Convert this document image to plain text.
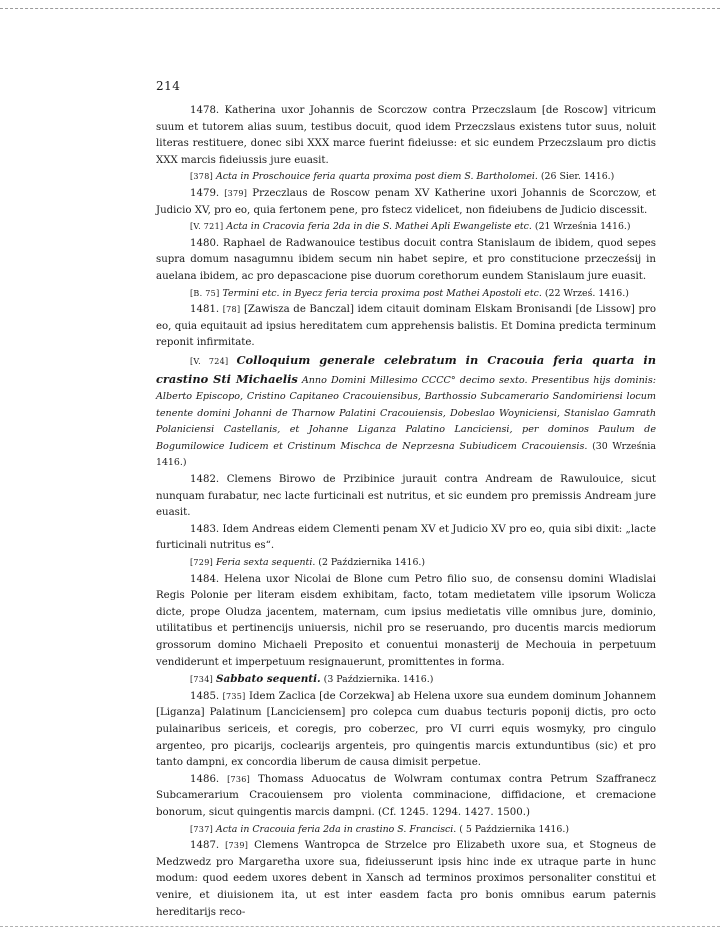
214

1478. Katherina uxor Johannis de Scorczow contra Przeczslaum [de Roscow] vitricum suum et tutorem alias suum, testibus docuit, quod idem Przeczslaus existens tutor suus, noluit literas restituere, donec sibi XXX marce fuerint fideiusse: et sic eundem Przeczslaum pro dictis XXX marcis fideiussis jure euasit.

[378] Acta in Proschouice feria quarta proxima post diem S. Bartholomei. (26 Sier. 1416.)

1479. [379] Przeczlaus de Roscow penam XV Katherine uxori Johannis de Scorczow, et Judicio XV, pro eo, quia fertonem pene, pro fstecz videlicet, non fideiubens de Judicio discessit.

[V. 721] Acta in Cracovia feria 2da in die S. Mathei Apli Ewangeliste etc. (21 Września 1416.)

1480. Raphael de Radwanouice testibus docuit contra Stanislaum de ibidem, quod sepes supra domum nasagumnu ibidem secum nin habet sepire, et pro constitucione przecześsij in auelana ibidem, ac pro depascacione pise duorum corethorum eundem Stanislaum jure euasit.

[B. 75] Termini etc. in Byecz feria tercia proxima post Mathei Apostoli etc. (22 Wrześ. 1416.)

1481. [78] [Zawisza de Banczal] idem citauit dominam Elskam Bronisandi [de Lissow] pro eo, quia equitauit ad ipsius hereditatem cum apprehensis balistis. Et Domina predicta terminum reponit infirmitate.

[V. 724] Colloquium generale celebratum in Cracouia feria quarta in crastino Sti Michaelis Anno Domini Millesimo CCCC° decimo sexto. Presentibus hijs dominis: Alberto Episcopo, Cristino Capitaneo Cracouiensibus, Barthossio Subcamerario Sandomiriensi locum tenente domini Johanni de Tharnow Palatini Cracouiensis, Dobeslao Woyniciensi, Stanislao Gamrath Polaniciensi Castellanis, et Johanne Liganza Palatino Lanciciensi, per dominos Paulum de Bogumilowice Iudicem et Cristinum Mischca de Neprzesna Subiudicem Cracouiensis. (30 Września 1416.)

1482. Clemens Birowo de Przibinice jurauit contra Andream de Rawulouice, sicut nunquam furabatur, nec lacte furticinali est nutritus, et sic eundem pro premissis Andream jure euasit.

1483. Idem Andreas eidem Clementi penam XV et Judicio XV pro eo, quia sibi dixit: „lacte furticinali nutritus es“.

[729] Feria sexta sequenti. (2 Października 1416.)

1484. Helena uxor Nicolai de Blone cum Petro filio suo, de consensu domini Wladislai Regis Polonie per literam eisdem exhibitam, facto, totam medietatem ville ipsorum Wolicza dicte, prope Oludza jacentem, maternam, cum ipsius medietatis ville omnibus jure, dominio, utilitatibus et pertinencijs uniuersis, nichil pro se reseruando, pro ducentis marcis mediorum grossorum domino Michaeli Preposito et conuentui monasterij de Mechouia in perpetuum vendiderunt et imperpetuum resignauerunt, promittentes in forma.

[734] Sabbato sequenti. (3 Października. 1416.)

1485. [735] Idem Zaclica [de Corzekwa] ab Helena uxore sua eundem dominum Johannem [Liganza] Palatinum [Lanciciensem] pro colepca cum duabus tecturis poponij dictis, pro octo pulainaribus sericeis, et coregis, pro coberzec, pro VI curri equis wosmyky, pro cingulo argenteo, pro picarijs, coclearijs argenteis, pro quingentis marcis extunduntibus (sic) et pro tanto dampni, ex concordia liberum de causa dimisit perpetue.

1486. [736] Thomass Aduocatus de Wolwram contumax contra Petrum Szaffranecz Subcamerarium Cracouiensem pro violenta comminacione, diffidacione, et cremacione bonorum, sicut quingentis marcis dampni. (Cf. 1245. 1294. 1427. 1500.)

[737] Acta in Cracouia feria 2da in crastino S. Francisci. ( 5 Października 1416.)

1487. [739] Clemens Wantropca de Strzelce pro Elizabeth uxore sua, et Stogneus de Medzwedz pro Margaretha uxore sua, fideiusserunt ipsis hinc inde ex utraque parte in hunc modum: quod eedem uxores debent in Xansch ad terminos proximos personaliter constitui et venire, et diuisionem ita, ut est inter easdem facta pro bonis omnibus earum paternis hereditarijs reco-
